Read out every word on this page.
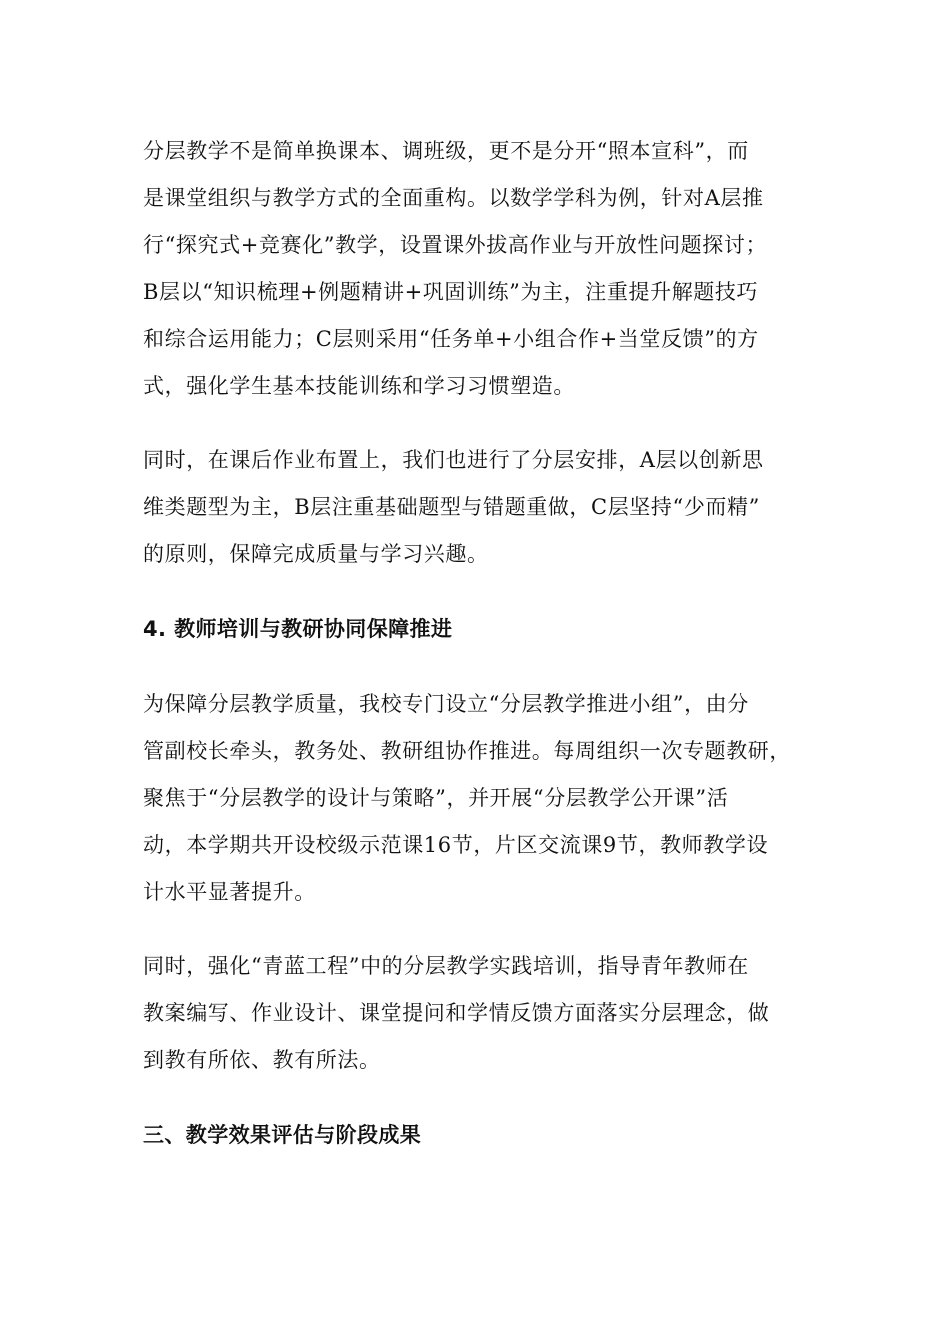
分层教学不是简单换课本、调班级，更不是分开“照本宣科”，而
是课堂组织与教学方式的全面重构。以数学学科为例，针对A层推
行“探究式+竞赛化”教学，设置课外拔高作业与开放性问题探讨；
B层以“知识梳理+例题精讲+巩固训练”为主，注重提升解题技巧
和综合运用能力；C层则采用“任务单+小组合作+当堂反馈”的方
式，强化学生基本技能训练和学习习惯塑造。

同时，在课后作业布置上，我们也进行了分层安排，A层以创新思
维类题型为主，B层注重基础题型与错题重做，C层坚持“少而精”
的原则，保障完成质量与学习兴趣。

4. 教师培训与教研协同保障推进

为保障分层教学质量，我校专门设立“分层教学推进小组”，由分
管副校长牵头，教务处、教研组协作推进。每周组织一次专题教研，
聚焦于“分层教学的设计与策略”，并开展“分层教学公开课”活
动，本学期共开设校级示范课16节，片区交流课9节，教师教学设
计水平显著提升。

同时，强化“青蓝工程”中的分层教学实践培训，指导青年教师在
教案编写、作业设计、课堂提问和学情反馈方面落实分层理念，做
到教有所依、教有所法。

三、教学效果评估与阶段成果
